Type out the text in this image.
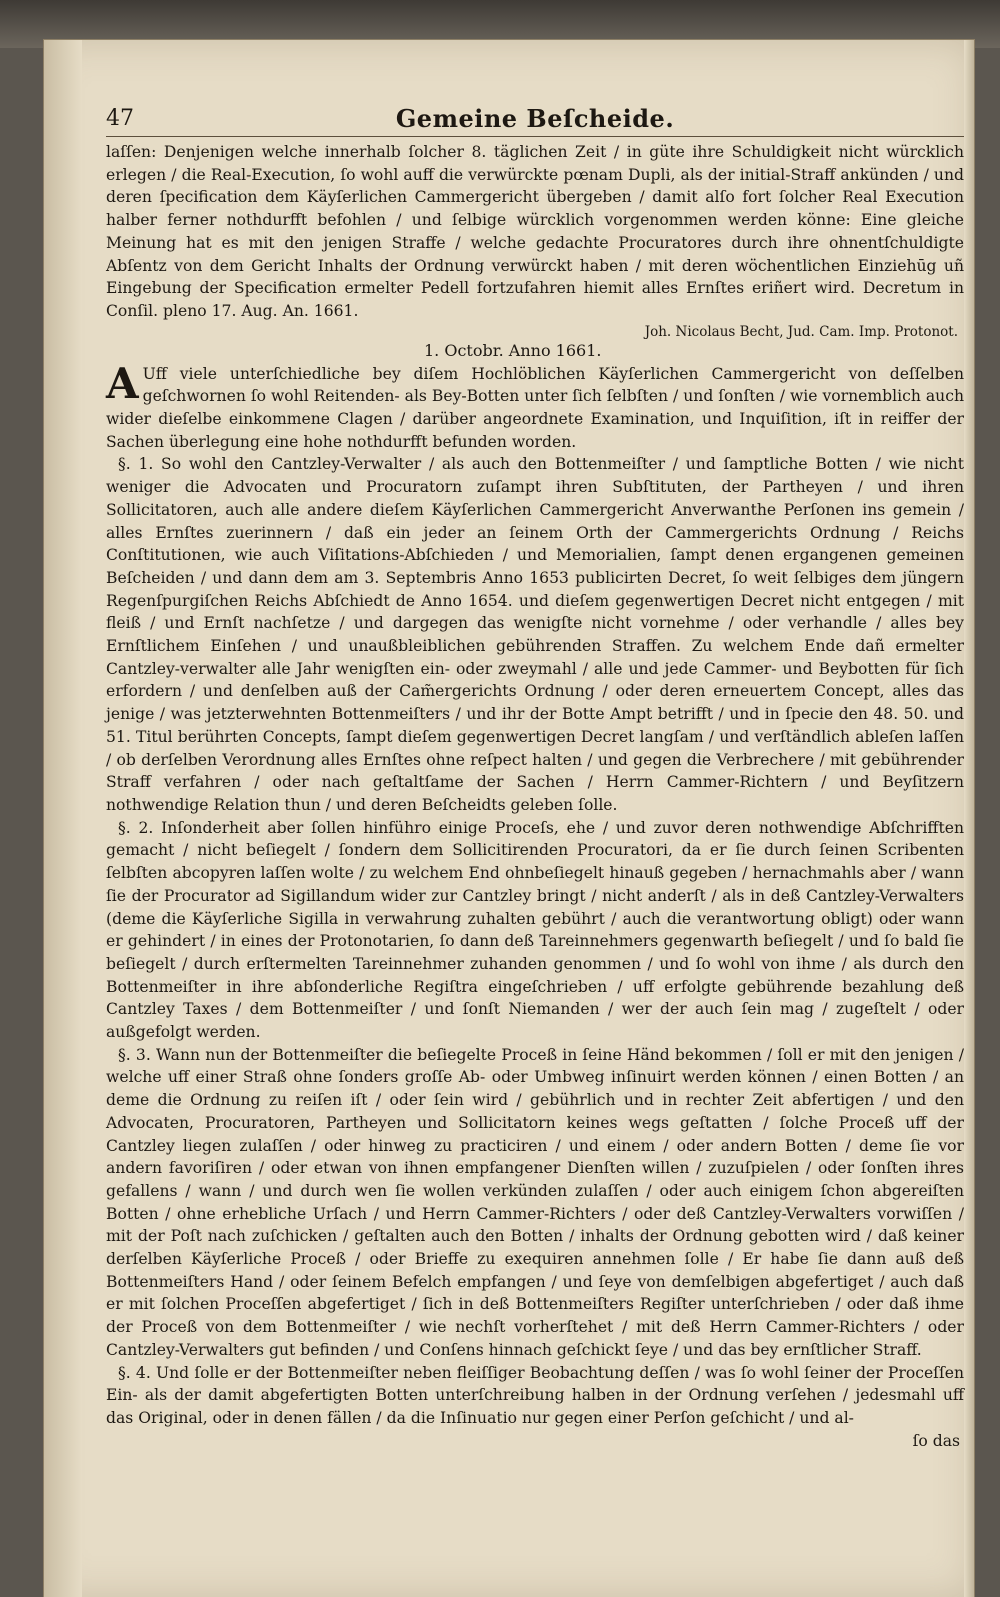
47	Gemeine Beſcheide.

laſſen: Denjenigen welche innerhalb ſolcher 8. täglichen Zeit / in güte ihre Schuldigkeit nicht würcklich erlegen / die Real-Execution, ſo wohl auff die verwürckte pœnam Dupli, als der initial-Straff ankünden / und deren ſpecification dem Käyſerlichen Cammergericht übergeben / damit alſo fort ſolcher Real Execution halber ferner nothdurfft befohlen / und ſelbige würcklich vorgenommen werden könne: Eine gleiche Meinung hat es mit den jenigen Straffe / welche gedachte Procuratores durch ihre ohnentſchuldigte Abſentz von dem Gericht Inhalts der Ordnung verwürckt haben / mit deren wöchentlichen Einziehūg uñ Eingebung der Specification ermelter Pedell fortzufahren hiemit alles Ernſtes eriñert wird. Decretum in Conſil. pleno 17. Aug. An. 1661.

Joh. Nicolaus Becht, Jud. Cam. Imp. Protonot.
1. Octobr. Anno 1661.

A Uff viele unterſchiedliche bey diſem Hochlöblichen Käyſerlichen Cammergericht von deſſelben geſchwornen ſo wohl Reitenden- als Bey-Botten unter ſich ſelbſten / und ſonſten / wie vornemblich auch wider dieſelbe einkommene Clagen / darüber angeordnete Examination, und Inquiſition, iſt in reiffer der Sachen überlegung eine hohe nothdurfft befunden worden.

§. 1. So wohl den Cantzley-Verwalter / als auch den Bottenmeiſter / und ſamptliche Botten / wie nicht weniger die Advocaten und Procuratorn zuſampt ihren Subſtituten, der Partheyen / und ihren Sollicitatoren, auch alle andere dieſem Käyſerlichen Cammergericht Anverwanthe Perſonen ins gemein / alles Ernſtes zuerinnern / daß ein jeder an ſeinem Orth der Cammergerichts Ordnung / Reichs Conſtitutionen, wie auch Viſitations-Abſchieden / und Memorialien, ſampt denen ergangenen gemeinen Beſcheiden / und dann dem am 3. Septembris Anno 1653 publicirten Decret, ſo weit ſelbiges dem jüngern Regenſpurgiſchen Reichs Abſchiedt de Anno 1654. und dieſem gegenwertigen Decret nicht entgegen / mit fleiß / und Ernſt nachſetze / und dargegen das wenigſte nicht vornehme / oder verhandle / alles bey Ernſtlichem Einſehen / und unaußbleiblichen gebührenden Straffen. Zu welchem Ende dañ ermelter Cantzley-verwalter alle Jahr wenigſten ein- oder zweymahl / alle und jede Cammer- und Beybotten für ſich erfordern / und denſelben auß der Cam̃ergerichts Ordnung / oder deren erneuertem Concept, alles das jenige / was jetzterwehnten Bottenmeiſters / und ihr der Botte Ampt betrifft / und in ſpecie den 48. 50. und 51. Titul berührten Concepts, ſampt dieſem gegenwertigen Decret langſam / und verſtändlich ableſen laſſen / ob derſelben Verordnung alles Ernſtes ohne reſpect halten / und gegen die Verbrechere / mit gebührender Straff verfahren / oder nach geſtaltſame der Sachen / Herrn Cammer-Richtern / und Beyſitzern nothwendige Relation thun / und deren Beſcheidts geleben ſolle.

§. 2. Inſonderheit aber ſollen hinführo einige Proceſs, ehe / und zuvor deren nothwendige Abſchrifften gemacht / nicht beſiegelt / ſondern dem Sollicitirenden Procuratori, da er ſie durch ſeinen Scribenten ſelbſten abcopyren laſſen wolte / zu welchem End ohnbeſiegelt hinauß gegeben / hernachmahls aber / wann ſie der Procurator ad Sigillandum wider zur Cantzley bringt / nicht anderſt / als in deß Cantzley-Verwalters (deme die Käyſerliche Sigilla in verwahrung zuhalten gebührt / auch die verantwortung obligt) oder wann er gehindert / in eines der Protonotarien, ſo dann deß Tareinnehmers gegenwarth beſiegelt / und ſo bald ſie beſiegelt / durch erſtermelten Tareinnehmer zuhanden genommen / und ſo wohl von ihme / als durch den Bottenmeiſter in ihre abſonderliche Regiſtra eingeſchrieben / uff erfolgte gebührende bezahlung deß Cantzley Taxes / dem Bottenmeiſter / und ſonſt Niemanden / wer der auch ſein mag / zugeſtelt / oder außgefolgt werden.

§. 3. Wann nun der Bottenmeiſter die beſiegelte Proceß in ſeine Händ bekommen / ſoll er mit den jenigen / welche uff einer Straß ohne ſonders groſſe Ab- oder Umbweg inſinuirt werden können / einen Botten / an deme die Ordnung zu reiſen iſt / oder ſein wird / gebührlich und in rechter Zeit abfertigen / und den Advocaten, Procuratoren, Partheyen und Sollicitatorn keines wegs geſtatten / ſolche Proceß uff der Cantzley liegen zulaſſen / oder hinweg zu practiciren / und einem / oder andern Botten / deme ſie vor andern favoriſiren / oder etwan von ihnen empfangener Dienſten willen / zuzuſpielen / oder ſonſten ihres gefallens / wann / und durch wen ſie wollen verkünden zulaſſen / oder auch einigem ſchon abgereiſten Botten / ohne erhebliche Urſach / und Herrn Cammer-Richters / oder deß Cantzley-Verwalters vorwiſſen / mit der Poſt nach zuſchicken / geſtalten auch den Botten / inhalts der Ordnung gebotten wird / daß keiner derſelben Käyſerliche Proceß / oder Brieffe zu exequiren annehmen ſolle / Er habe ſie dann auß deß Bottenmeiſters Hand / oder ſeinem Befelch empfangen / und ſeye von demſelbigen abgefertiget / auch daß er mit ſolchen Proceſſen abgefertiget / ſich in deß Bottenmeiſters Regiſter unterſchrieben / oder daß ihme der Proceß von dem Bottenmeiſter / wie nechſt vorherſtehet / mit deß Herrn Cammer-Richters / oder Cantzley-Verwalters gut befinden / und Conſens hinnach geſchickt ſeye / und das bey ernſtlicher Straff.

§. 4. Und ſolle er der Bottenmeiſter neben fleiſſiger Beobachtung deſſen / was ſo wohl ſeiner der Proceſſen Ein- als der damit abgefertigten Botten unterſchreibung halben in der Ordnung verſehen / jedesmahl uff das Original, oder in denen fällen / da die Inſinuatio nur gegen einer Perſon geſchicht / und al-

ſo das
